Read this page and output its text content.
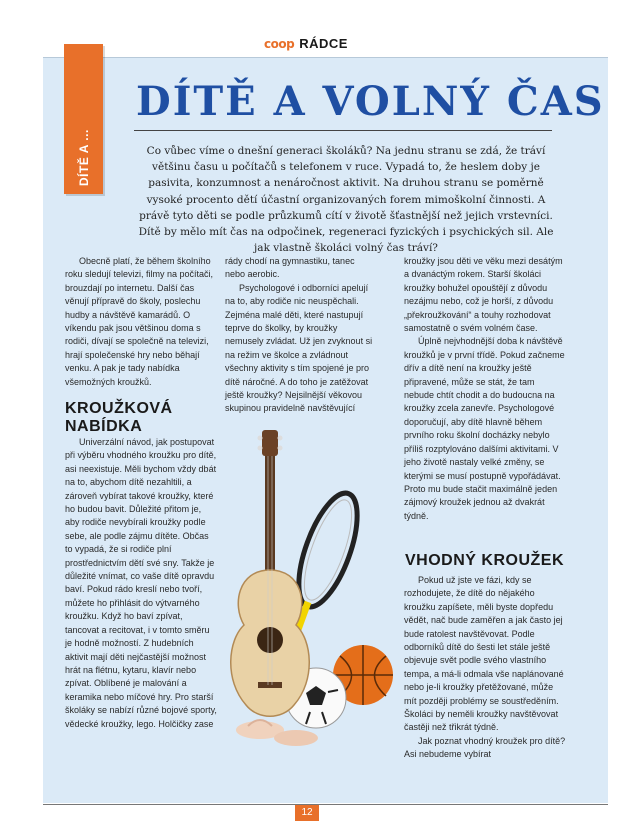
coop RÁDCE
DÍTĚ A ...
DÍTĚ A VOLNÝ ČAS
Co vůbec víme o dnešní generaci školáků? Na jednu stranu se zdá, že tráví většinu času u počítačů s telefonem v ruce. Vypadá to, že heslem doby je pasivita, konzumnost a nenáročnost aktivit. Na druhou stranu se poměrně vysoké procento dětí účastní organizovaných forem mimoškolní činnosti. A právě tyto děti se podle průzkumů cítí v životě šťastnější než jejich vrstevníci. Dítě by mělo mít čas na odpočinek, regeneraci fyzických i psychických sil. Ale jak vlastně školáci volný čas tráví?

Obecně platí, že během školního roku sledují televizi, filmy na počítači, brouzdají po internetu. Další čas věnují přípravě do školy, poslechu hudby a návštěvě kamarádů. O víkendu pak jsou většinou doma s rodiči, dívají se společně na televizi, hrají společenské hry nebo běhají venku. A pak je tady nabídka všemožných kroužků.

KROUŽKOVÁ NABÍDKA

Univerzální návod, jak postupovat při výběru vhodného kroužku pro dítě, asi neexistuje. Měli bychom vždy dbát na to, abychom dítě nezahltili, a zároveň vybírat takové kroužky, které ho budou bavit. Důležité přitom je, aby rodiče nevybírali kroužky podle sebe, ale podle zájmu dítěte. Občas to vypadá, že si rodiče plní prostřednictvím dětí své sny. Takže je důležité vnímat, co vaše dítě opravdu baví. Pokud rádo kreslí nebo tvoří, můžete ho přihlásit do výtvarného kroužku. Když ho baví zpívat, tancovat a recitovat, i v tomto směru je hodně možností. Z hudebních aktivit mají děti nejčastější možnost hrát na flétnu, kytaru, klavír nebo zpívat. Oblíbené je malování a keramika nebo míčové hry. Pro starší školáky se nabízí různé bojové sporty, vědecké kroužky, lego. Holčičky zase

rády chodí na gymnastiku, tanec nebo aerobic.

Psychologové i odborníci apelují na to, aby rodiče nic neuspěchali. Zejména malé děti, které nastupují teprve do školky, by kroužky nemusely zvládat. Už jen zvyknout si na režim ve školce a zvládnout všechny aktivity s tím spojené je pro dítě náročné. A do toho je zatěžovat ještě kroužky? Nejsilnější věkovou skupinou pravidelně navštěvující

kroužky jsou děti ve věku mezi desátým a dvanáctým rokem. Starší školáci kroužky bohužel opouštějí z důvodu nezájmu nebo, což je horší, z důvodu „překroužkování“ a touhy rozhodovat samostatně o svém volném čase.

Úplně nejvhodnější doba k návštěvě kroužků je v první třídě. Pokud začneme dřív a dítě není na kroužky ještě připravené, může se stát, že tam nebude chtít chodit a do budoucna na kroužky zcela zanevře. Psychologové doporučují, aby dítě hlavně během prvního roku školní docházky nebylo příliš rozptylováno dalšími aktivitami. V jeho životě nastaly velké změny, se kterými se musí postupně vypořádávat. Proto mu bude stačit maximálně jeden zájmový kroužek jednou až dvakrát týdně.

VHODNÝ KROUŽEK

Pokud už jste ve fázi, kdy se rozhodujete, že dítě do nějakého kroužku zapíšete, měli byste dopředu vědět, nač bude zaměřen a jak často jej bude ratolest navštěvovat. Podle odborníků dítě do šesti let stále ještě objevuje svět podle svého vlastního tempa, a má-li odmala vše naplánované nebo je-li kroužky přetěžované, může mít později problémy se soustředěním. Školáci by neměli kroužky navštěvovat častěji než třikrát týdně.

Jak poznat vhodný kroužek pro dítě? Asi nebudeme vybírat

12
